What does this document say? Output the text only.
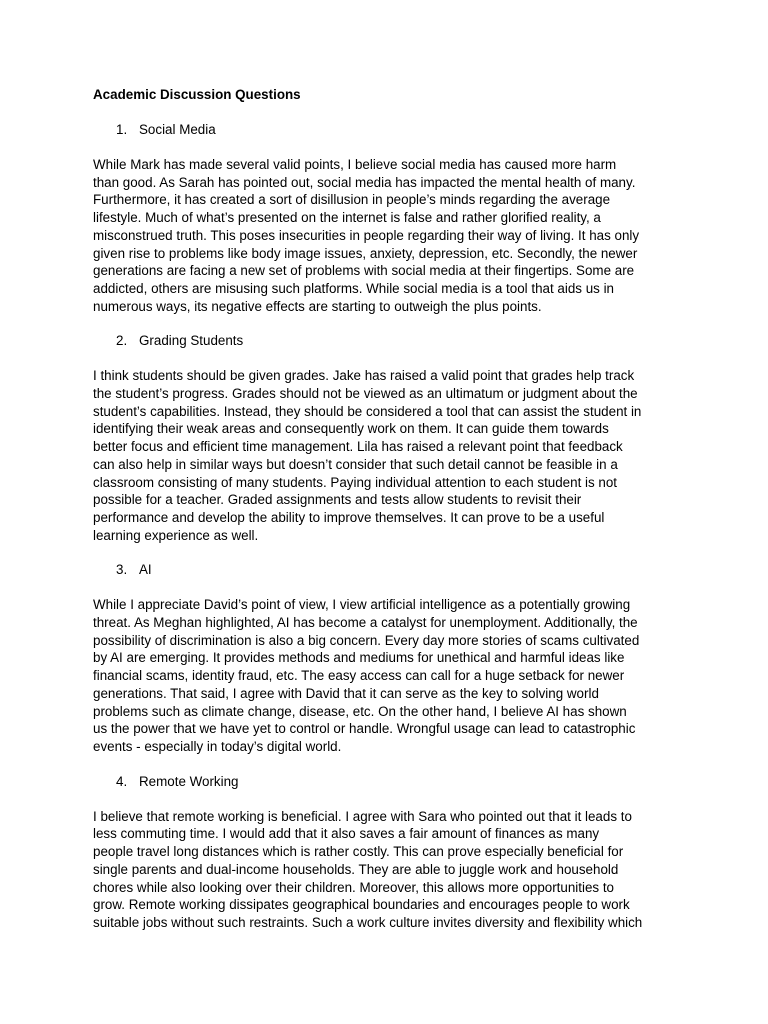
Academic Discussion Questions
1. Social Media
While Mark has made several valid points, I believe social media has caused more harm
than good. As Sarah has pointed out, social media has impacted the mental health of many.
Furthermore, it has created a sort of disillusion in people’s minds regarding the average
lifestyle. Much of what’s presented on the internet is false and rather glorified reality, a
misconstrued truth. This poses insecurities in people regarding their way of living. It has only
given rise to problems like body image issues, anxiety, depression, etc. Secondly, the newer
generations are facing a new set of problems with social media at their fingertips. Some are
addicted, others are misusing such platforms. While social media is a tool that aids us in
numerous ways, its negative effects are starting to outweigh the plus points.
2. Grading Students
I think students should be given grades. Jake has raised a valid point that grades help track
the student’s progress. Grades should not be viewed as an ultimatum or judgment about the
student’s capabilities. Instead, they should be considered a tool that can assist the student in
identifying their weak areas and consequently work on them. It can guide them towards
better focus and efficient time management. Lila has raised a relevant point that feedback
can also help in similar ways but doesn’t consider that such detail cannot be feasible in a
classroom consisting of many students. Paying individual attention to each student is not
possible for a teacher. Graded assignments and tests allow students to revisit their
performance and develop the ability to improve themselves. It can prove to be a useful
learning experience as well.
3. AI
While I appreciate David’s point of view, I view artificial intelligence as a potentially growing
threat. As Meghan highlighted, AI has become a catalyst for unemployment. Additionally, the
possibility of discrimination is also a big concern. Every day more stories of scams cultivated
by AI are emerging. It provides methods and mediums for unethical and harmful ideas like
financial scams, identity fraud, etc. The easy access can call for a huge setback for newer
generations. That said, I agree with David that it can serve as the key to solving world
problems such as climate change, disease, etc. On the other hand, I believe AI has shown
us the power that we have yet to control or handle. Wrongful usage can lead to catastrophic
events - especially in today’s digital world.
4. Remote Working
I believe that remote working is beneficial. I agree with Sara who pointed out that it leads to
less commuting time. I would add that it also saves a fair amount of finances as many
people travel long distances which is rather costly. This can prove especially beneficial for
single parents and dual-income households. They are able to juggle work and household
chores while also looking over their children. Moreover, this allows more opportunities to
grow. Remote working dissipates geographical boundaries and encourages people to work
suitable jobs without such restraints. Such a work culture invites diversity and flexibility which
